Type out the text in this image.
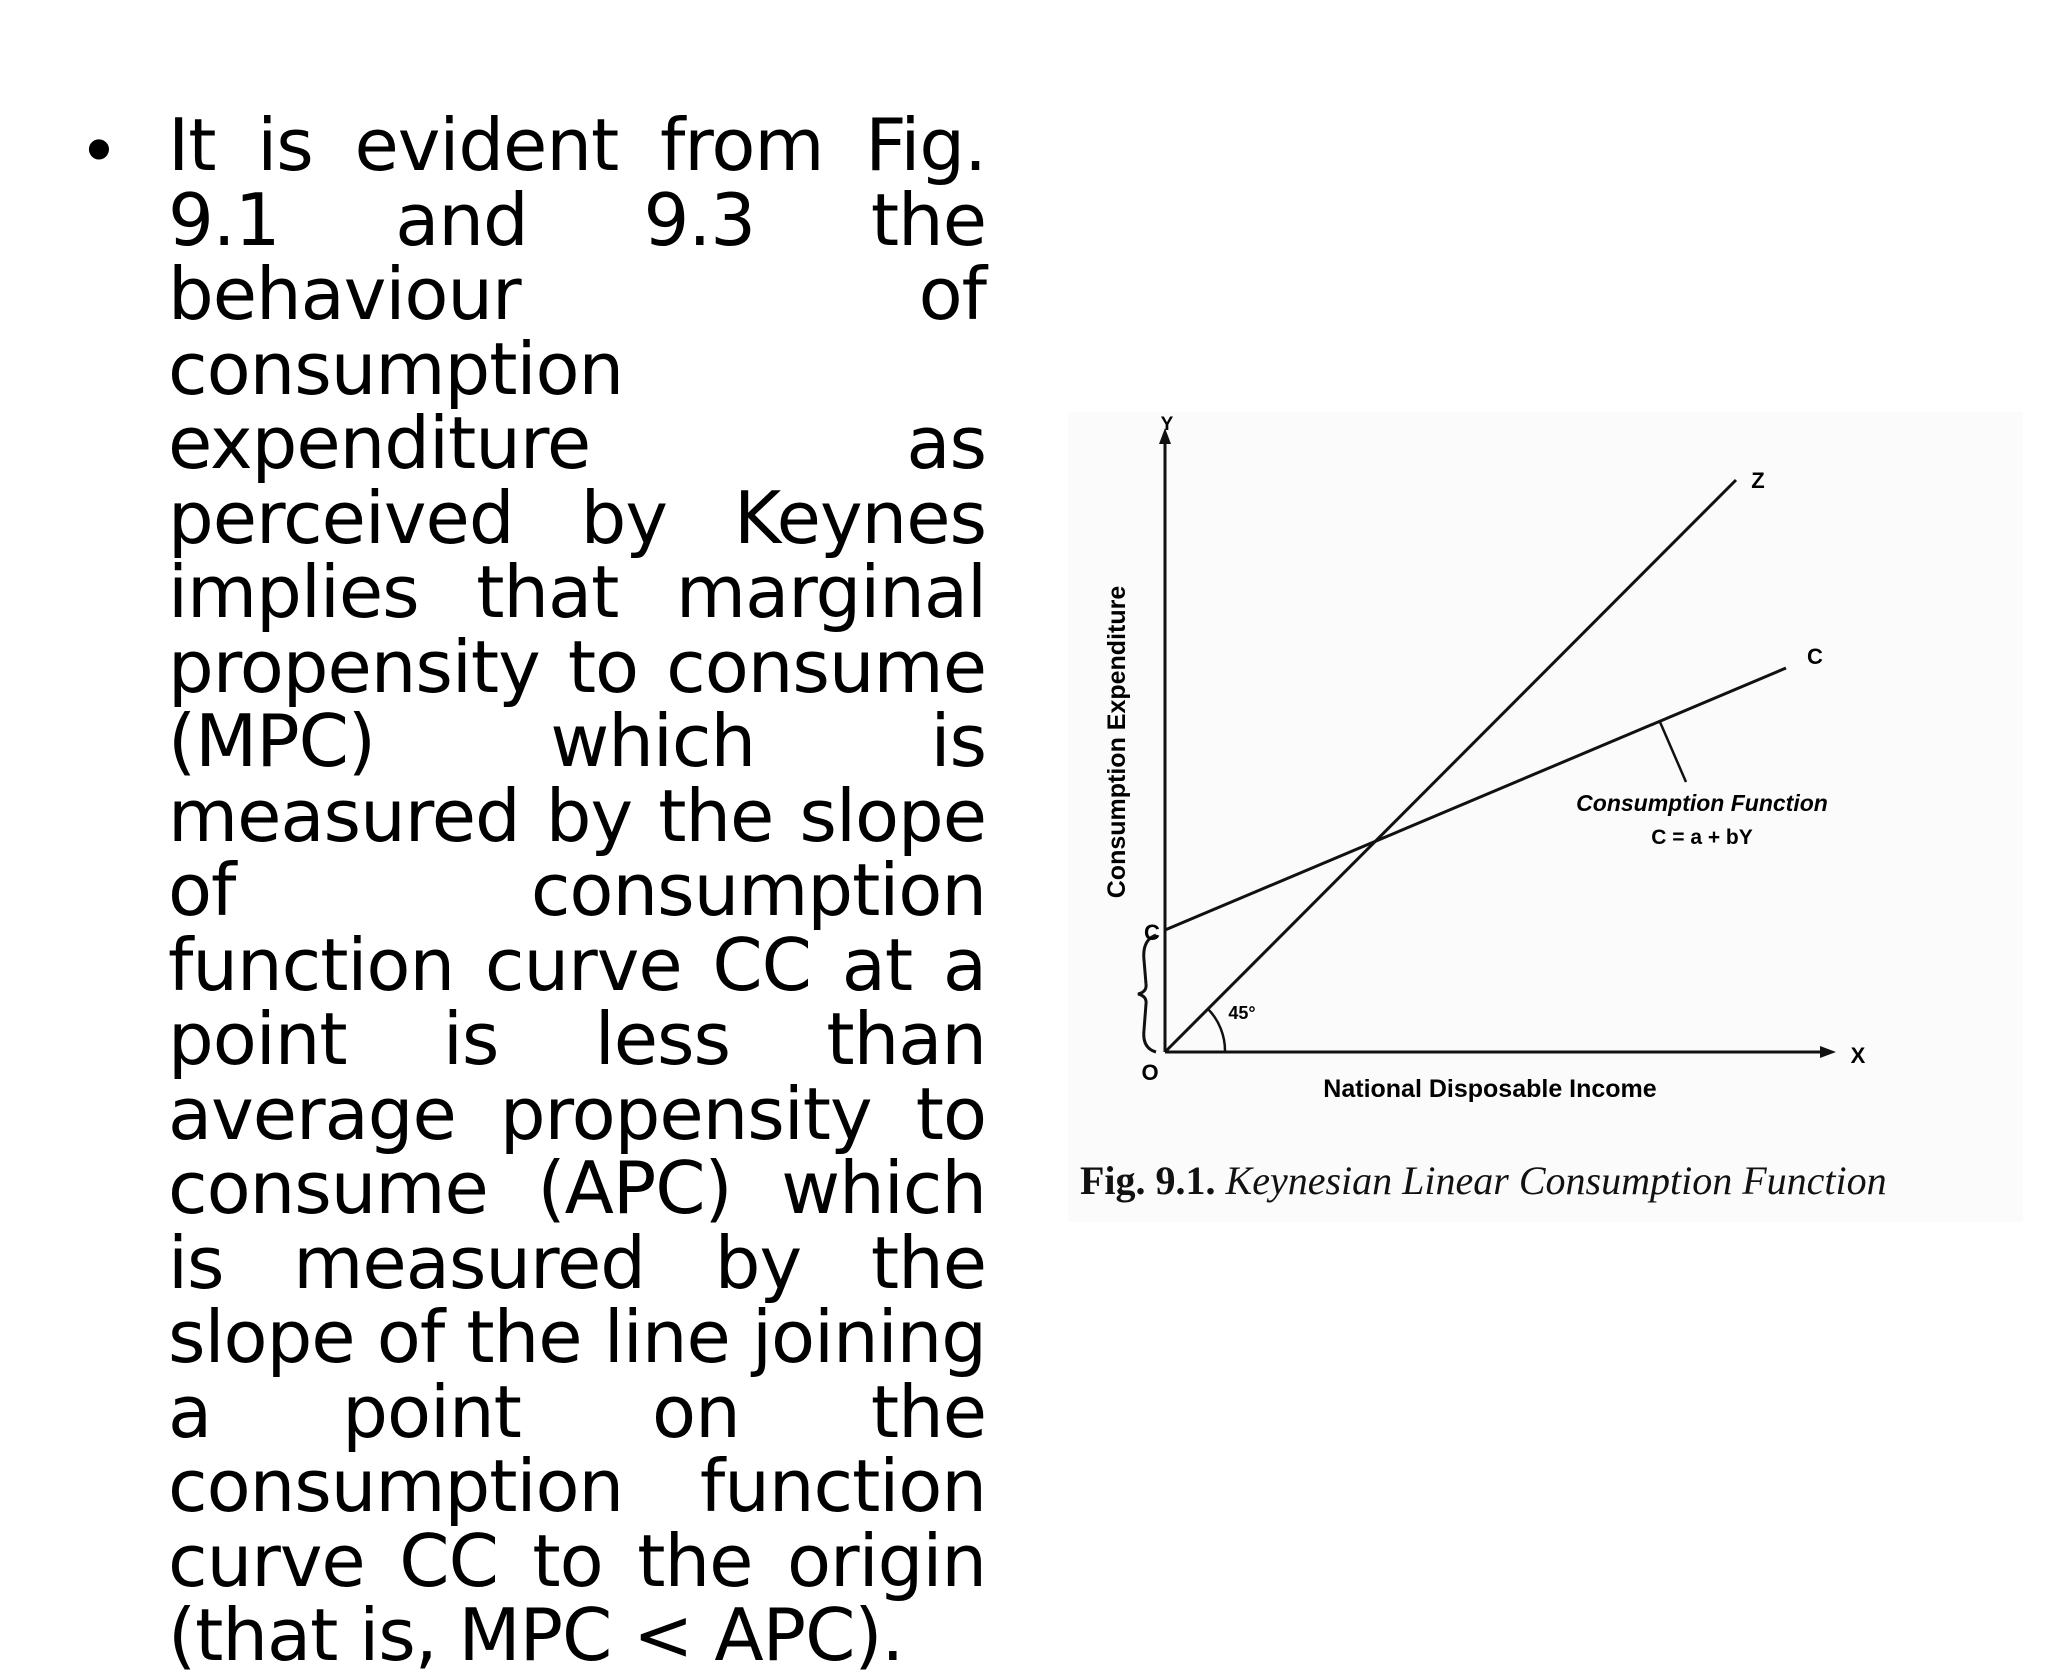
• It is evident from Fig. 9.1 and 9.3 the behaviour of consumption expenditure as perceived by Keynes implies that marginal propensity to consume (MPC) which is measured by the slope of consumption function curve CC at a point is less than average propensity to consume (APC) which is measured by the slope of the line joining a point on the consumption function curve CC to the origin (that is, MPC < APC).
Y
X
O
C
Z
C
45°
Consumption Expenditure
National Disposable Income
Consumption Function
C = a + bY
Fig. 9.1. Keynesian Linear Consumption Function
